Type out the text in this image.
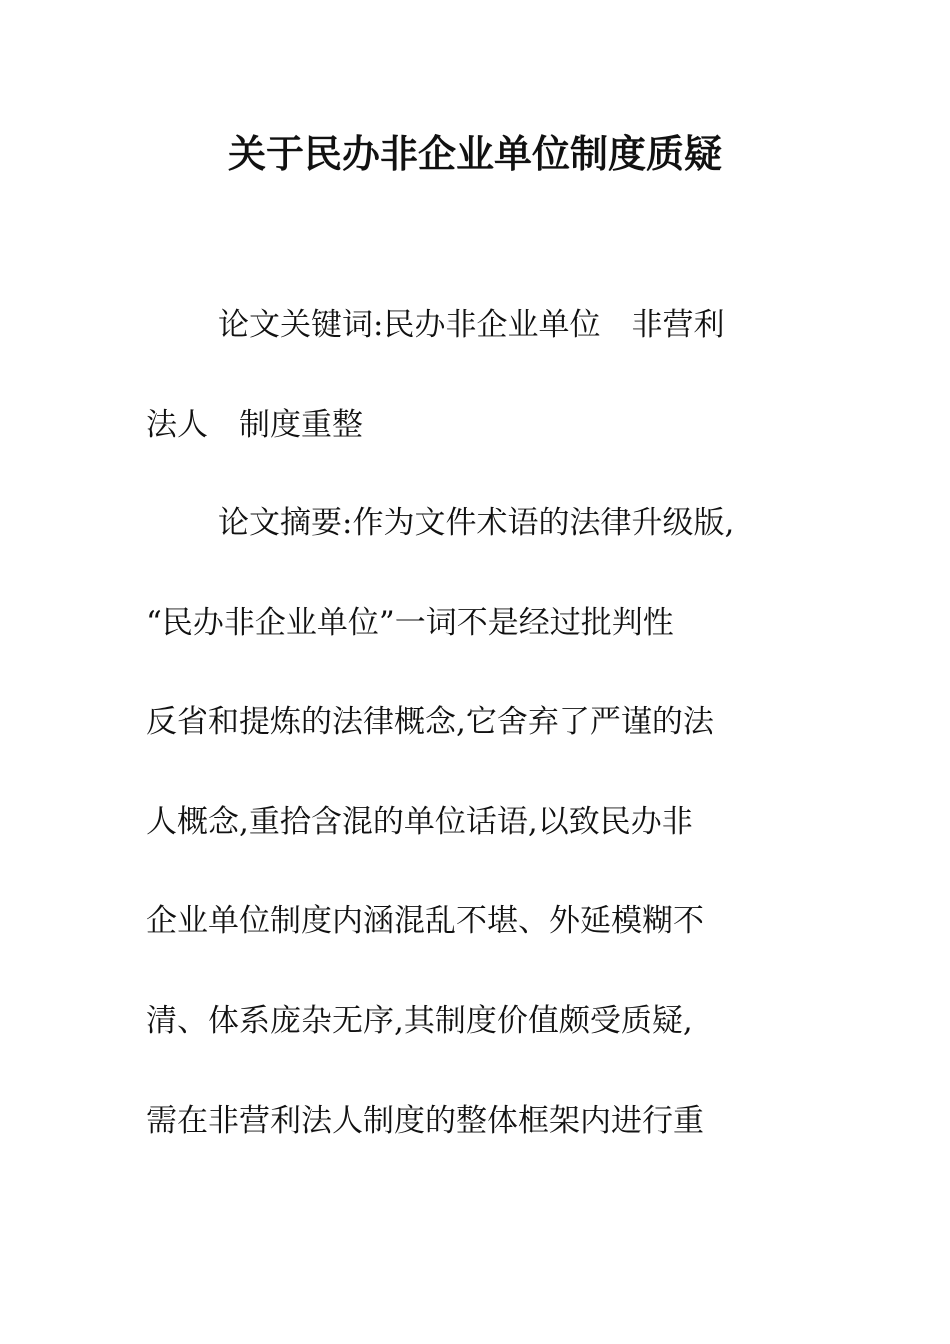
关于民办非企业单位制度质疑

论文关键词:民办非企业单位　非营利

法人　制度重整

论文摘要:作为文件术语的法律升级版,

“民办非企业单位”一词不是经过批判性

反省和提炼的法律概念,它舍弃了严谨的法

人概念,重拾含混的单位话语,以致民办非

企业单位制度内涵混乱不堪、外延模糊不

清、体系庞杂无序,其制度价值颇受质疑,

需在非营利法人制度的整体框架内进行重
